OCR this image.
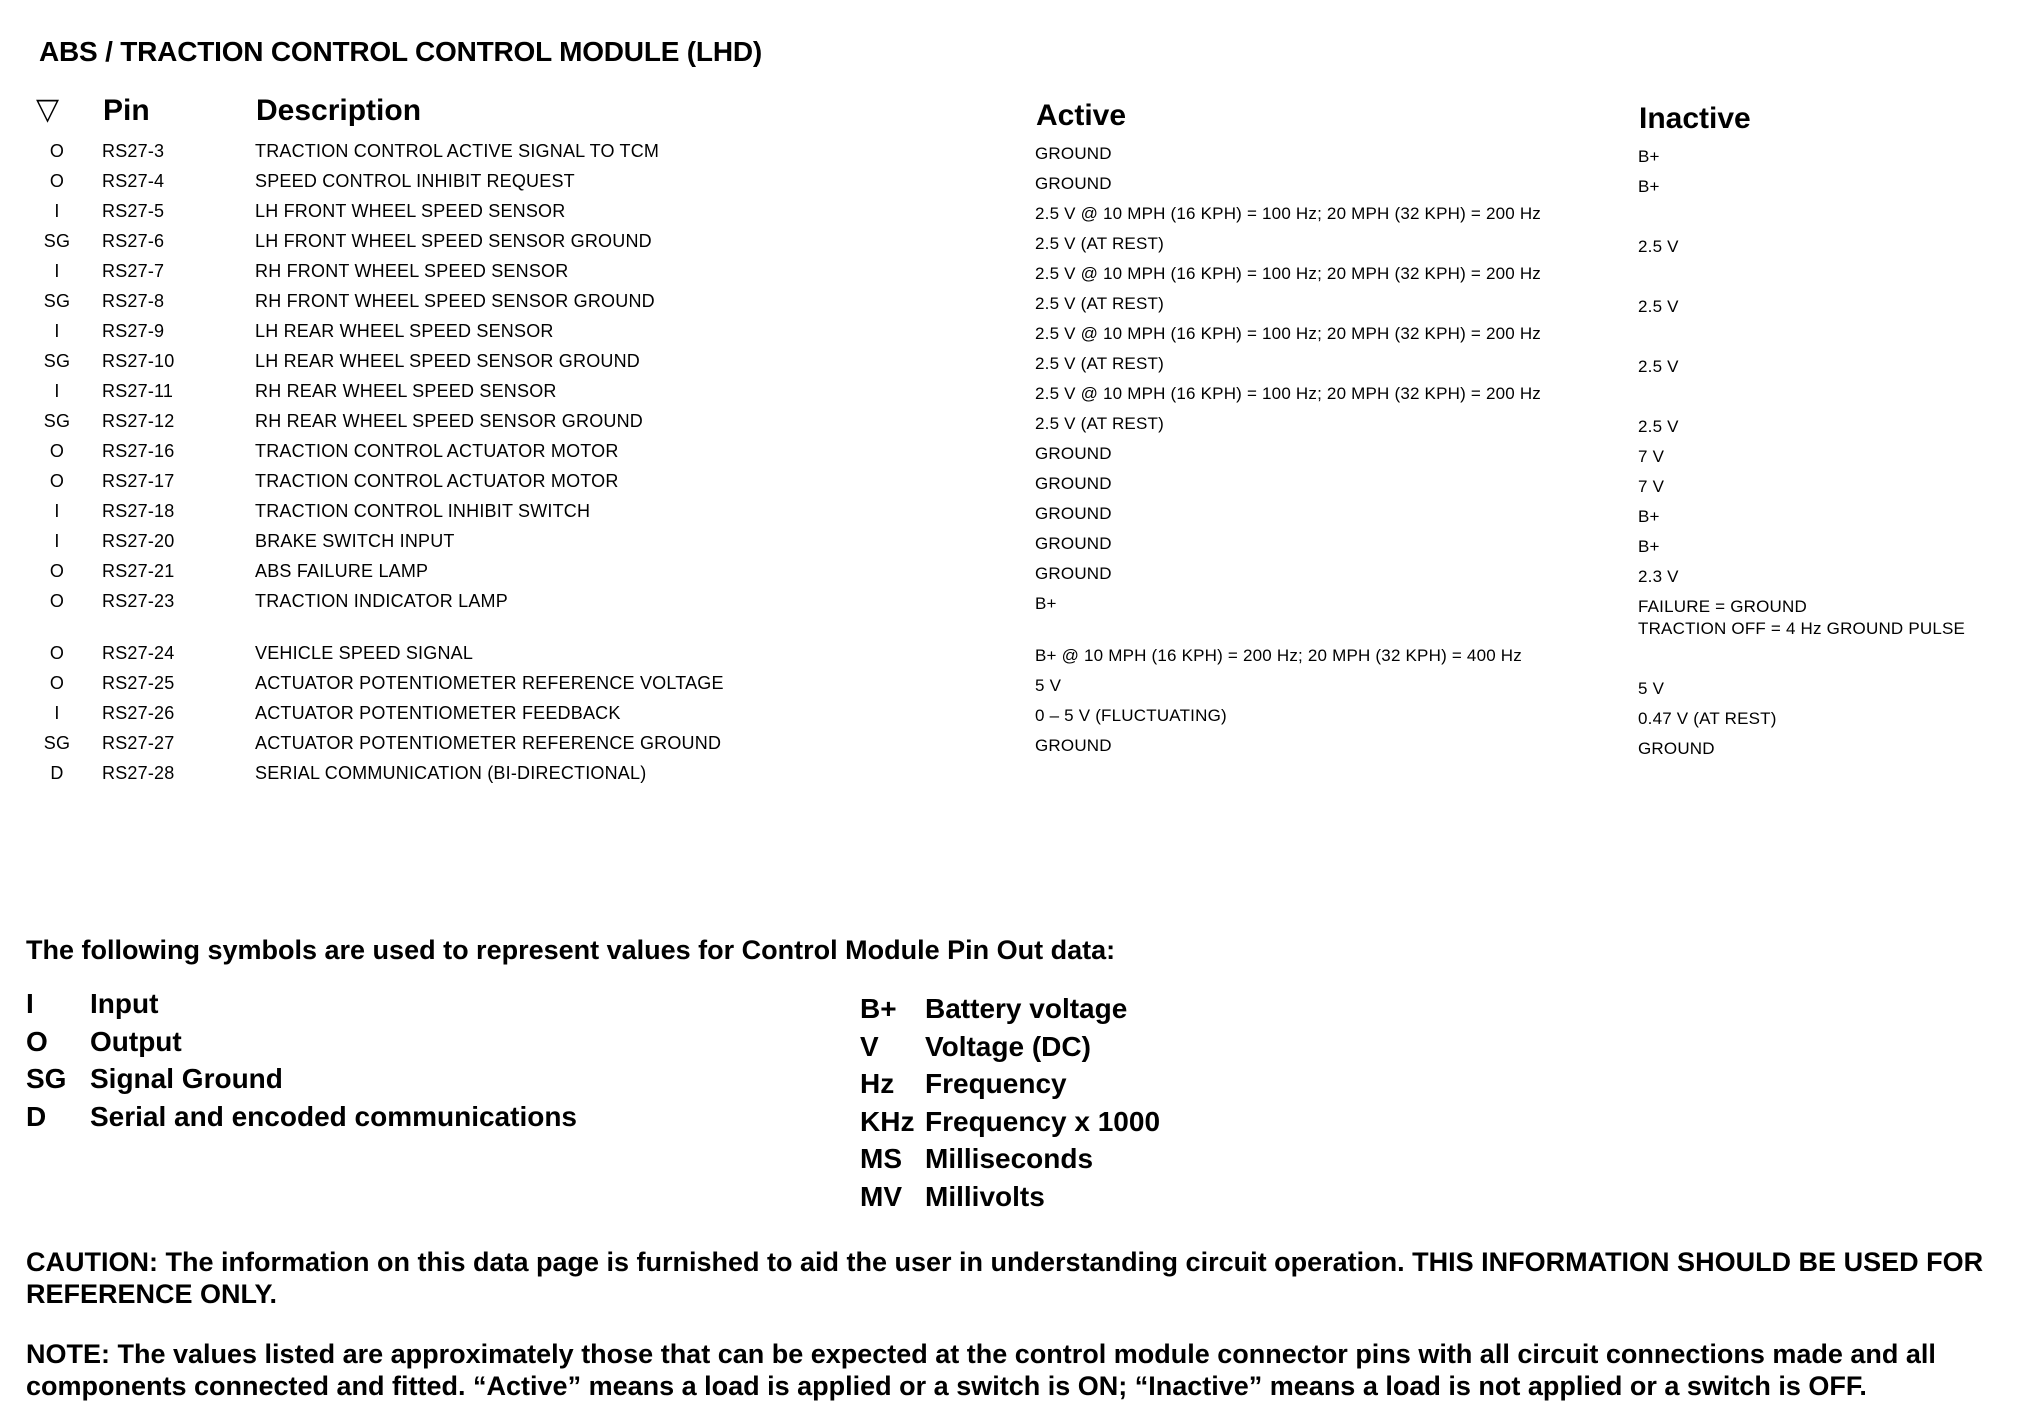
ABS / TRACTION CONTROL CONTROL MODULE (LHD)
▽ Pin	Description	Active	Inactive
O	RS27-3	TRACTION CONTROL ACTIVE SIGNAL TO TCM	GROUND	B+
O	RS27-4	SPEED CONTROL INHIBIT REQUEST	GROUND	B+
I	RS27-5	LH FRONT WHEEL SPEED SENSOR	2.5 V @ 10 MPH (16 KPH) = 100 Hz; 20 MPH (32 KPH) = 200 Hz
SG RS27-6	LH FRONT WHEEL SPEED SENSOR GROUND	2.5 V (AT REST)	2.5 V
I	RS27-7	RH FRONT WHEEL SPEED SENSOR	2.5 V @ 10 MPH (16 KPH) = 100 Hz; 20 MPH (32 KPH) = 200 Hz
SG RS27-8	RH FRONT WHEEL SPEED SENSOR GROUND	2.5 V (AT REST)	2.5 V
I	RS27-9	LH REAR WHEEL SPEED SENSOR	2.5 V @ 10 MPH (16 KPH) = 100 Hz; 20 MPH (32 KPH) = 200 Hz
SG RS27-10	LH REAR WHEEL SPEED SENSOR GROUND	2.5 V (AT REST)	2.5 V
I	RS27-11	RH REAR WHEEL SPEED SENSOR	2.5 V @ 10 MPH (16 KPH) = 100 Hz; 20 MPH (32 KPH) = 200 Hz
SG RS27-12	RH REAR WHEEL SPEED SENSOR GROUND	2.5 V (AT REST)	2.5 V
O	RS27-16	TRACTION CONTROL ACTUATOR MOTOR	GROUND	7 V
O	RS27-17	TRACTION CONTROL ACTUATOR MOTOR	GROUND	7 V
I	RS27-18	TRACTION CONTROL INHIBIT SWITCH	GROUND	B+
I	RS27-20	BRAKE SWITCH INPUT	GROUND	B+
O	RS27-21	ABS FAILURE LAMP	GROUND	2.3 V
O	RS27-23	TRACTION INDICATOR LAMP	B+	FAILURE = GROUND
TRACTION OFF = 4 Hz GROUND PULSE
O	RS27-24	VEHICLE SPEED SIGNAL	B+ @ 10 MPH (16 KPH) = 200 Hz; 20 MPH (32 KPH) = 400 Hz
O	RS27-25	ACTUATOR POTENTIOMETER REFERENCE VOLTAGE	5 V	5 V
I	RS27-26	ACTUATOR POTENTIOMETER FEEDBACK	0 – 5 V (FLUCTUATING)	0.47 V (AT REST)
SG RS27-27	ACTUATOR POTENTIOMETER REFERENCE GROUND	GROUND	GROUND
D	RS27-28	SERIAL COMMUNICATION (BI-DIRECTIONAL)
The following symbols are used to represent values for Control Module Pin Out data:
I Input
O Output
SG Signal Ground
D Serial and encoded communications
B+ Battery voltage
V Voltage (DC)
Hz Frequency
KHz Frequency x 1000
MS Milliseconds
MV Millivolts
CAUTION: The information on this data page is furnished to aid the user in understanding circuit operation. THIS INFORMATION SHOULD BE USED FOR REFERENCE ONLY.
NOTE: The values listed are approximately those that can be expected at the control module connector pins with all circuit connections made and all components connected and fitted. “Active” means a load is applied or a switch is ON; “Inactive” means a load is not applied or a switch is OFF.
